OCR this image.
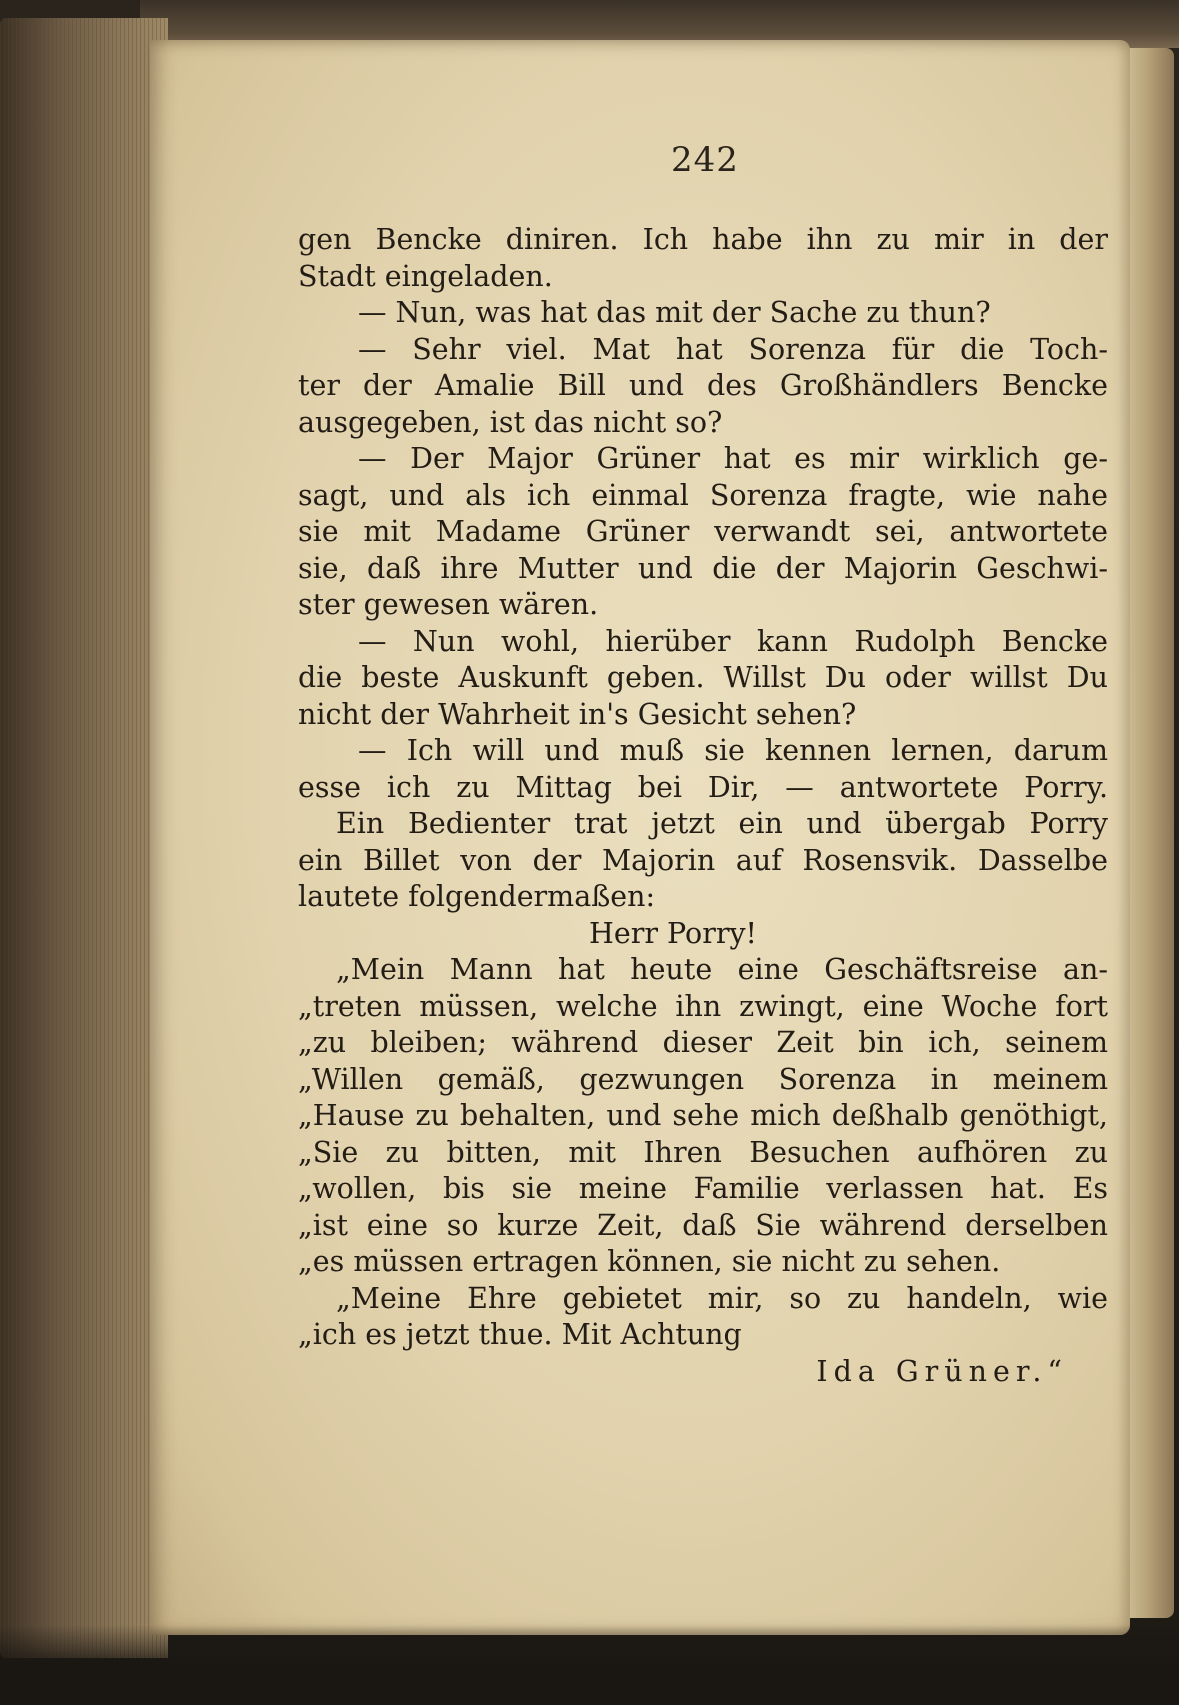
242
gen Bencke diniren. Ich habe ihn zu mir in der
Stadt eingeladen.
— Nun, was hat das mit der Sache zu thun?
— Sehr viel. Mat hat Sorenza für die Toch-
ter der Amalie Bill und des Großhändlers Bencke
ausgegeben, ist das nicht so?
— Der Major Grüner hat es mir wirklich ge-
sagt, und als ich einmal Sorenza fragte, wie nahe
sie mit Madame Grüner verwandt sei, antwortete
sie, daß ihre Mutter und die der Majorin Geschwi-
ster gewesen wären.
— Nun wohl, hierüber kann Rudolph Bencke
die beste Auskunft geben. Willst Du oder willst Du
nicht der Wahrheit in's Gesicht sehen?
— Ich will und muß sie kennen lernen, darum
esse ich zu Mittag bei Dir, — antwortete Porry.
Ein Bedienter trat jetzt ein und übergab Porry
ein Billet von der Majorin auf Rosensvik. Dasselbe
lautete folgendermaßen:
Herr Porry!
„Mein Mann hat heute eine Geschäftsreise an-
„treten müssen, welche ihn zwingt, eine Woche fort
„zu bleiben; während dieser Zeit bin ich, seinem
„Willen gemäß, gezwungen Sorenza in meinem
„Hause zu behalten, und sehe mich deßhalb genöthigt,
„Sie zu bitten, mit Ihren Besuchen aufhören zu
„wollen, bis sie meine Familie verlassen hat. Es
„ist eine so kurze Zeit, daß Sie während derselben
„es müssen ertragen können, sie nicht zu sehen.
„Meine Ehre gebietet mir, so zu handeln, wie
„ich es jetzt thue. Mit Achtung
Ida Grüner.“
